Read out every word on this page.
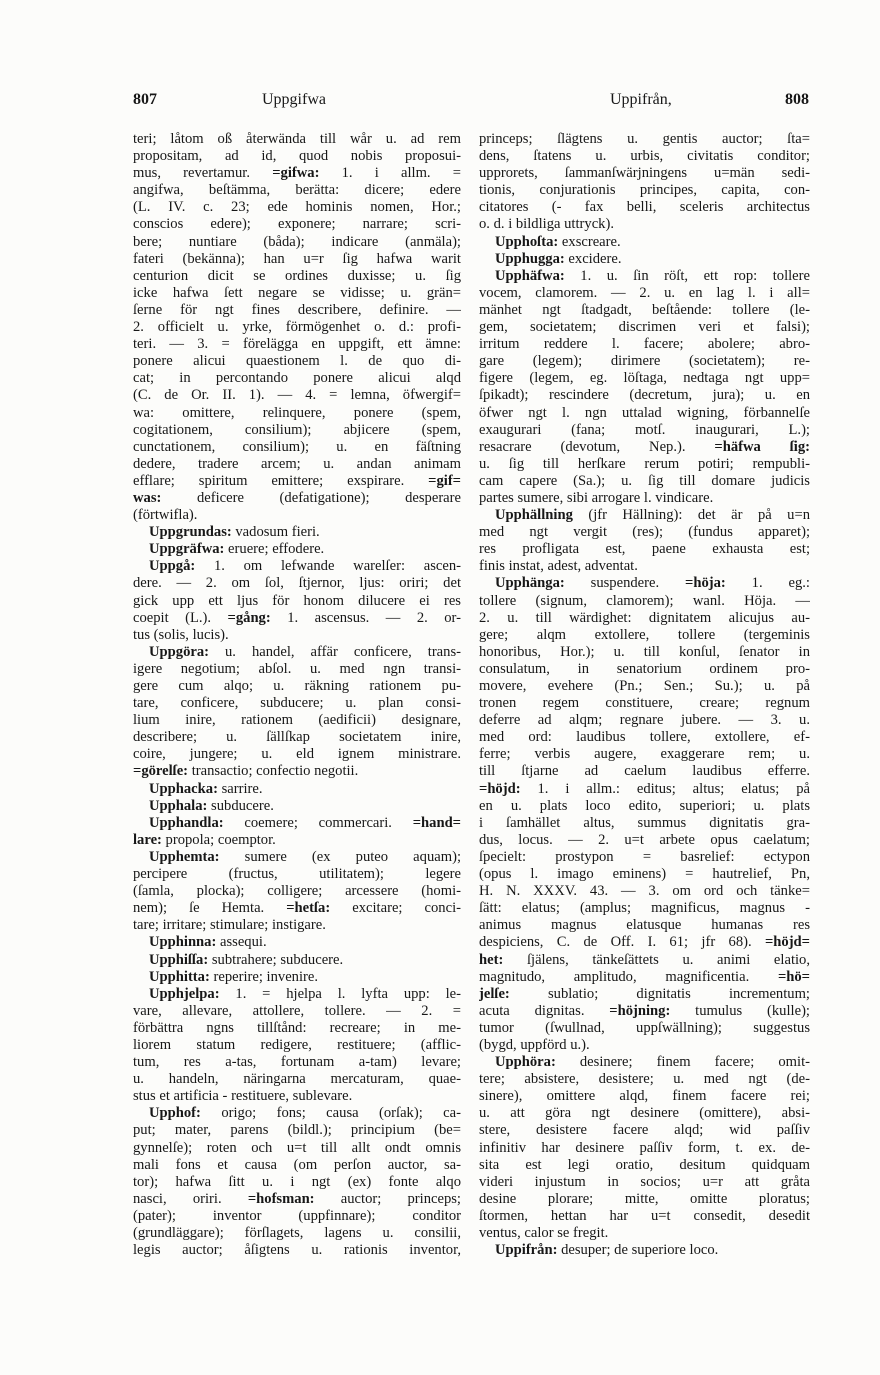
807	Uppgifwa	Uppifrån,	808
teri; låtom oß återwända till wår u. ad rem
propositam, ad id, quod nobis proposui-
mus, revertamur. =gifwa: 1. i allm. =
angifwa, beſtämma, berätta: dicere; edere
(L. IV. c. 23; ede hominis nomen, Hor.;
conscios edere); exponere; narrare; scri-
bere; nuntiare (båda); indicare (anmäla);
fateri (bekänna); han u=r ſig hafwa warit
centurion dicit se ordines duxisse; u. ſig
icke hafwa ſett negare se vidisse; u. grän=
ſerne för ngt fines describere, definire. —
2. officielt u. yrke, förmögenhet o. d.: profi-
teri. — 3. = förelägga en uppgift, ett ämne:
ponere alicui quaestionem l. de quo di-
cat; in percontando ponere alicui alqd
(C. de Or. II. 1). — 4. = lemna, öfwergif=
wa: omittere, relinquere, ponere (spem,
cogitationem, consilium); abjicere (spem,
cunctationem, consilium); u. en fäſtning
dedere, tradere arcem; u. andan animam
efflare; spiritum emittere; exspirare. =gif=
was: deficere (defatigatione); desperare
(förtwifla).
Uppgrundas: vadosum fieri.
Uppgräfwa: eruere; effodere.
Uppgå: 1. om lefwande warelſer: ascen-
dere. — 2. om ſol, ſtjernor, ljus: oriri; det
gick upp ett ljus för honom dilucere ei res
coepit (L.). =gång: 1. ascensus. — 2. or-
tus (solis, lucis).
Uppgöra: u. handel, affär conficere, trans-
igere negotium; abſol. u. med ngn transi-
gere cum alqo; u. räkning rationem pu-
tare, conficere, subducere; u. plan consi-
lium inire, rationem (aedificii) designare,
describere; u. ſällſkap societatem inire,
coire, jungere; u. eld ignem ministrare.
=görelſe: transactio; confectio negotii.
Upphacka: sarrire.
Upphala: subducere.
Upphandla: coemere; commercari. =hand=
lare: propola; coemptor.
Upphemta: sumere (ex puteo aquam);
percipere (fructus, utilitatem); legere
(ſamla, plocka); colligere; arcessere (homi-
nem); ſe Hemta. =hetſa: excitare; conci-
tare; irritare; stimulare; instigare.
Upphinna: assequi.
Upphiſſa: subtrahere; subducere.
Upphitta: reperire; invenire.
Upphjelpa: 1. = hjelpa l. lyfta upp: le-
vare, allevare, attollere, tollere. — 2. =
förbättra ngns tillſtånd: recreare; in me-
liorem statum redigere, restituere; (afflic-
tum, res a-tas, fortunam a-tam) levare;
u. handeln, näringarna mercaturam, quae-
stus et artificia - restituere, sublevare.
Upphof: origo; fons; causa (orſak); ca-
put; mater, parens (bildl.); principium (be=
gynnelſe); roten och u=t till allt ondt omnis
mali fons et causa (om perſon auctor, sa-
tor); hafwa ſitt u. i ngt (ex) fonte alqo
nasci, oriri. =hofsman: auctor; princeps;
(pater); inventor (uppfinnare); conditor
(grundläggare); förſlagets, lagens u. consilii,
legis auctor; åſigtens u. rationis inventor,
princeps; ſlägtens u. gentis auctor; ſta=
dens, ſtatens u. urbis, civitatis conditor;
upprorets, ſammanſwärjningens u=män sedi-
tionis, conjurationis principes, capita, con-
citatores (- fax belli, sceleris architectus
o. d. i bildliga uttryck).
Upphoſta: exscreare.
Upphugga: excidere.
Upphäfwa: 1. u. ſin röſt, ett rop: tollere
vocem, clamorem. — 2. u. en lag l. i all=
mänhet ngt ſtadgadt, beſtående: tollere (le-
gem, societatem; discrimen veri et falsi);
irritum reddere l. facere; abolere; abro-
gare (legem); dirimere (societatem); re-
figere (legem, eg. löſtaga, nedtaga ngt upp=
ſpikadt); rescindere (decretum, jura); u. en
öfwer ngt l. ngn uttalad wigning, förbannelſe
exaugurari (fana; motſ. inaugurari, L.);
resacrare (devotum, Nep.). =häfwa ſig:
u. ſig till herſkare rerum potiri; rempubli-
cam capere (Sa.); u. ſig till domare judicis
partes sumere, sibi arrogare l. vindicare.
Upphällning (jfr Hällning): det är på u=n
med ngt vergit (res); (fundus apparet);
res profligata est, paene exhausta est;
finis instat, adest, adventat.
Upphänga: suspendere. =höja: 1. eg.:
tollere (signum, clamorem); wanl. Höja. —
2. u. till wärdighet: dignitatem alicujus au-
gere; alqm extollere, tollere (tergeminis
honoribus, Hor.); u. till konſul, ſenator in
consulatum, in senatorium ordinem pro-
movere, evehere (Pn.; Sen.; Su.); u. på
tronen regem constituere, creare; regnum
deferre ad alqm; regnare jubere. — 3. u.
med ord: laudibus tollere, extollere, ef-
ferre; verbis augere, exaggerare rem; u.
till ſtjarne ad caelum laudibus efferre.
=höjd: 1. i allm.: editus; altus; elatus; på
en u. plats loco edito, superiori; u. plats
i ſamhället altus, summus dignitatis gra-
dus, locus. — 2. u=t arbete opus caelatum;
ſpecielt: prostypon = basrelief: ectypon
(opus l. imago eminens) = hautrelief, Pn,
H. N. XXXV. 43. — 3. om ord och tänke=
ſätt: elatus; (amplus; magnificus, magnus -
animus magnus elatusque humanas res
despiciens, C. de Off. I. 61; jfr 68). =höjd=
het: ſjälens, tänkeſättets u. animi elatio,
magnitudo, amplitudo, magnificentia. =hö=
jelſe: sublatio; dignitatis incrementum;
acuta dignitas. =höjning: tumulus (kulle);
tumor (ſwullnad, uppſwällning); suggestus
(bygd, uppförd u.).
Upphöra: desinere; finem facere; omit-
tere; absistere, desistere; u. med ngt (de-
sinere), omittere alqd, finem facere rei;
u. att göra ngt desinere (omittere), absi-
stere, desistere facere alqd; wid paſſiv
infinitiv har desinere paſſiv form, t. ex. de-
sita est legi oratio, desitum quidquam
videri injustum in socios; u=r att gråta
desine plorare; mitte, omitte ploratus;
ſtormen, hettan har u=t consedit, desedit
ventus, calor se fregit.
Uppifrån: desuper; de superiore loco.
